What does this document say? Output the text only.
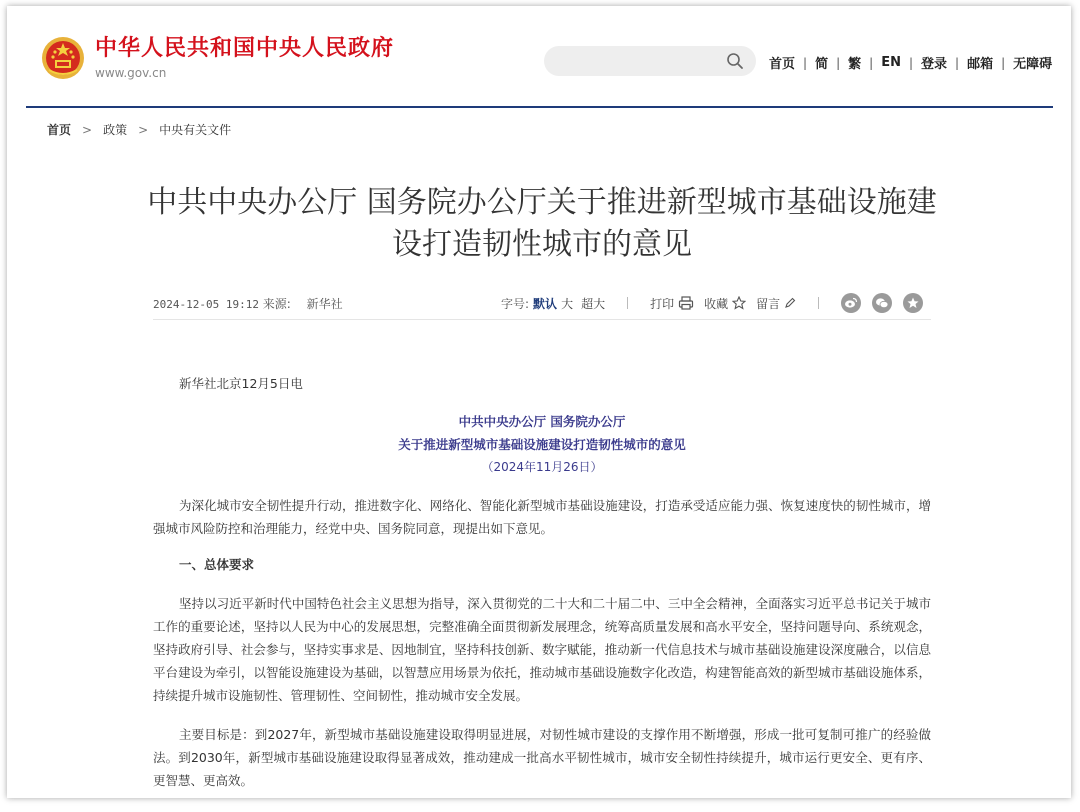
中华人民共和国中央人民政府
www.gov.cn
首页 | 简 | 繁 | EN | 登录 | 邮箱 | 无障碍
首页 > 政策 > 中央有关文件
中共中央办公厅 国务院办公厅关于推进新型城市基础设施建设打造韧性城市的意见
2024-12-05 19:12 来源: 新华社	字号: 默认 大 超大	打印	收藏 留言
新华社北京12月5日电
中共中央办公厅 国务院办公厅
关于推进新型城市基础设施建设打造韧性城市的意见
（2024年11月26日）

为深化城市安全韧性提升行动，推进数字化、网络化、智能化新型城市基础设施建设，打造承受适应能力强、恢复速度快的韧性城市，增强城市风险防控和治理能力，经党中央、国务院同意，现提出如下意见。

一、总体要求

坚持以习近平新时代中国特色社会主义思想为指导，深入贯彻党的二十大和二十届二中、三中全会精神，全面落实习近平总书记关于城市工作的重要论述，坚持以人民为中心的发展思想，完整准确全面贯彻新发展理念，统筹高质量发展和高水平安全，坚持问题导向、系统观念，坚持政府引导、社会参与，坚持实事求是、因地制宜，坚持科技创新、数字赋能，推动新一代信息技术与城市基础设施建设深度融合，以信息平台建设为牵引，以智能设施建设为基础，以智慧应用场景为依托，推动城市基础设施数字化改造，构建智能高效的新型城市基础设施体系，持续提升城市设施韧性、管理韧性、空间韧性，推动城市安全发展。

主要目标是：到2027年，新型城市基础设施建设取得明显进展，对韧性城市建设的支撑作用不断增强，形成一批可复制可推广的经验做法。到2030年，新型城市基础设施建设取得显著成效，推动建成一批高水平韧性城市，城市安全韧性持续提升，城市运行更安全、更有序、更智慧、更高效。
